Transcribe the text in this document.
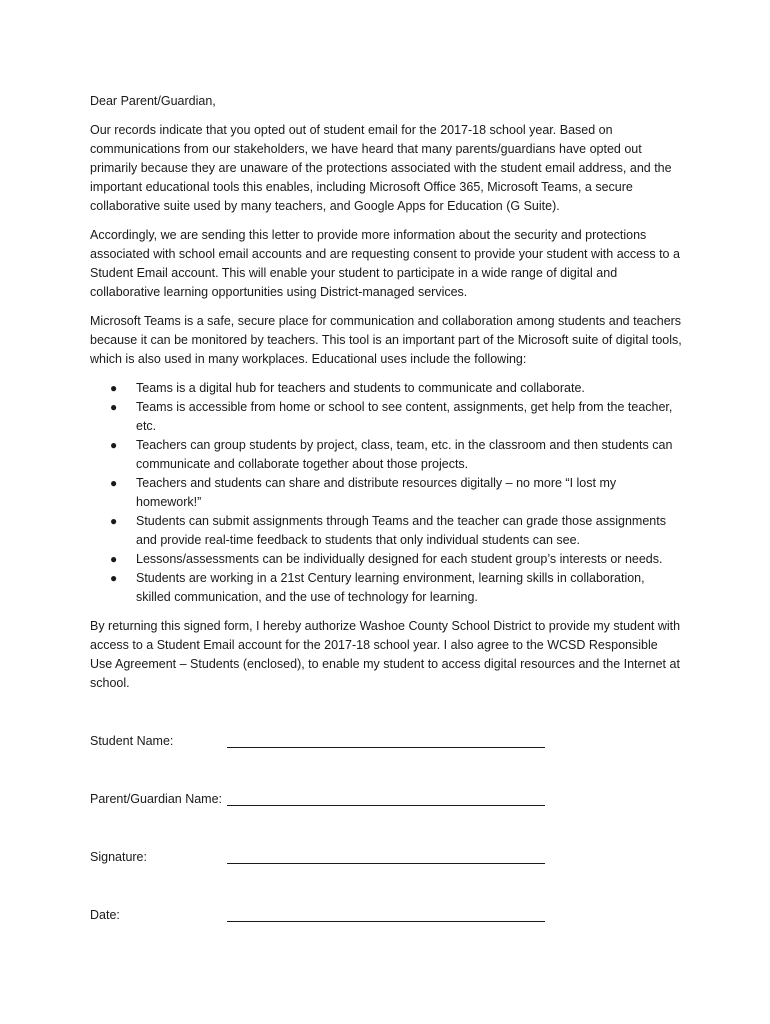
Dear Parent/Guardian,

Our records indicate that you opted out of student email for the 2017-18 school year. Based on communications from our stakeholders, we have heard that many parents/guardians have opted out primarily because they are unaware of the protections associated with the student email address, and the important educational tools this enables, including Microsoft Office 365, Microsoft Teams, a secure collaborative suite used by many teachers, and Google Apps for Education (G Suite).

Accordingly, we are sending this letter to provide more information about the security and protections associated with school email accounts and are requesting consent to provide your student with access to a Student Email account. This will enable your student to participate in a wide range of digital and collaborative learning opportunities using District-managed services.

Microsoft Teams is a safe, secure place for communication and collaboration among students and teachers because it can be monitored by teachers. This tool is an important part of the Microsoft suite of digital tools, which is also used in many workplaces. Educational uses include the following:

● Teams is a digital hub for teachers and students to communicate and collaborate.
● Teams is accessible from home or school to see content, assignments, get help from the teacher, etc.
● Teachers can group students by project, class, team, etc. in the classroom and then students can communicate and collaborate together about those projects.
● Teachers and students can share and distribute resources digitally – no more “I lost my homework!”
● Students can submit assignments through Teams and the teacher can grade those assignments and provide real-time feedback to students that only individual students can see.
● Lessons/assessments can be individually designed for each student group’s interests or needs.
● Students are working in a 21st Century learning environment, learning skills in collaboration, skilled communication, and the use of technology for learning.

By returning this signed form, I hereby authorize Washoe County School District to provide my student with access to a Student Email account for the 2017-18 school year. I also agree to the WCSD Responsible Use Agreement – Students (enclosed), to enable my student to access digital resources and the Internet at school.

Student Name:
Parent/Guardian Name:
Signature:
Date:
